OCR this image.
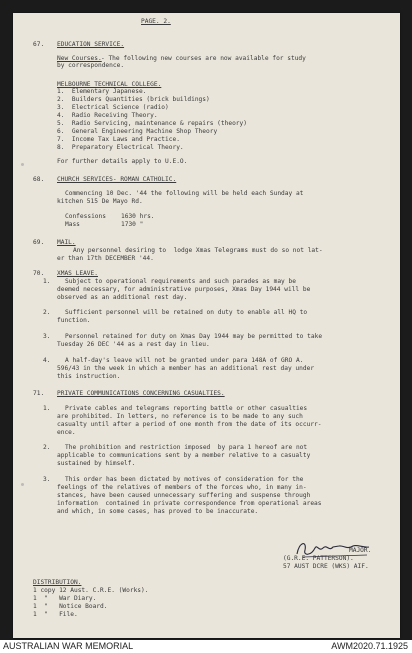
PAGE. 2.
67. EDUCATION SERVICE.
New Courses. - The following new courses are now available for study
by correspondence.
MELBOURNE TECHNICAL COLLEGE.
1.  Elementary Japanese.
2.  Builders Quantities (brick buildings)
3.  Electrical Science (radio)
4.  Radio Receiving Theory.
5.  Radio Servicing, maintenance & repairs (theory)
6.  General Engineering Machine Shop Theory
7.  Income Tax Laws and Practice.
8.  Preparatory Electrical Theory.
For further details apply to U.E.O.
68. CHURCH SERVICES- ROMAN CATHOLIC.
Commencing 10 Dec. '44 the following will be held each Sunday at
kitchen 515 De Mayo Rd.
Confessions 1630 hrs.
Mass	1730 "
69. MAIL.
Any personnel desiring to  lodge Xmas Telegrams must do so not lat-
er than 17th DECEMBER '44.
70. XMAS LEAVE.
1. Subject to operational requirements and such parades as may be
deemed necessary, for administrative purposes, Xmas Day 1944 will be
observed as an additional rest day.
2. Sufficient personnel will be retained on duty to enable all HQ to
function.
3. Personnel retained for duty on Xmas Day 1944 may be permitted to take
Tuesday 26 DEC '44 as a rest day in lieu.
4. A half-day's leave will not be granted under para 148A of GRO A.
596/43 in the week in which a member has an additional rest day under
this instruction.
71. PRIVATE COMMUNICATIONS CONCERNING CASUALTIES.
1. Private cables and telegrams reporting battle or other casualties
are prohibited. In letters, no reference is to be made to any such
casualty until after a period of one month from the date of its occurr-
ence.
2. The prohibition and restriction imposed  by para 1 hereof are not
applicable to communications sent by a member relative to a casualty
sustained by himself.
3. This order has been dictated by motives of consideration for the
feelings of the relatives of members of the forces who, in many in-
stances, have been caused unnecessary suffering and suspense through
information  contained in private correspondence from operational areas
and which, in some cases, has proved to be inaccurate.
MAJOR.
(G.R.E. PATTERSON).
57 AUST DCRE (WKS) AIF.
DISTRIBUTION.
1 copy 12 Aust. C.R.E. (Works).
1  "   War Diary.
1  "   Notice Board.
1  "   File.
AUSTRALIAN WAR MEMORIAL	AWM2020.71.1925
